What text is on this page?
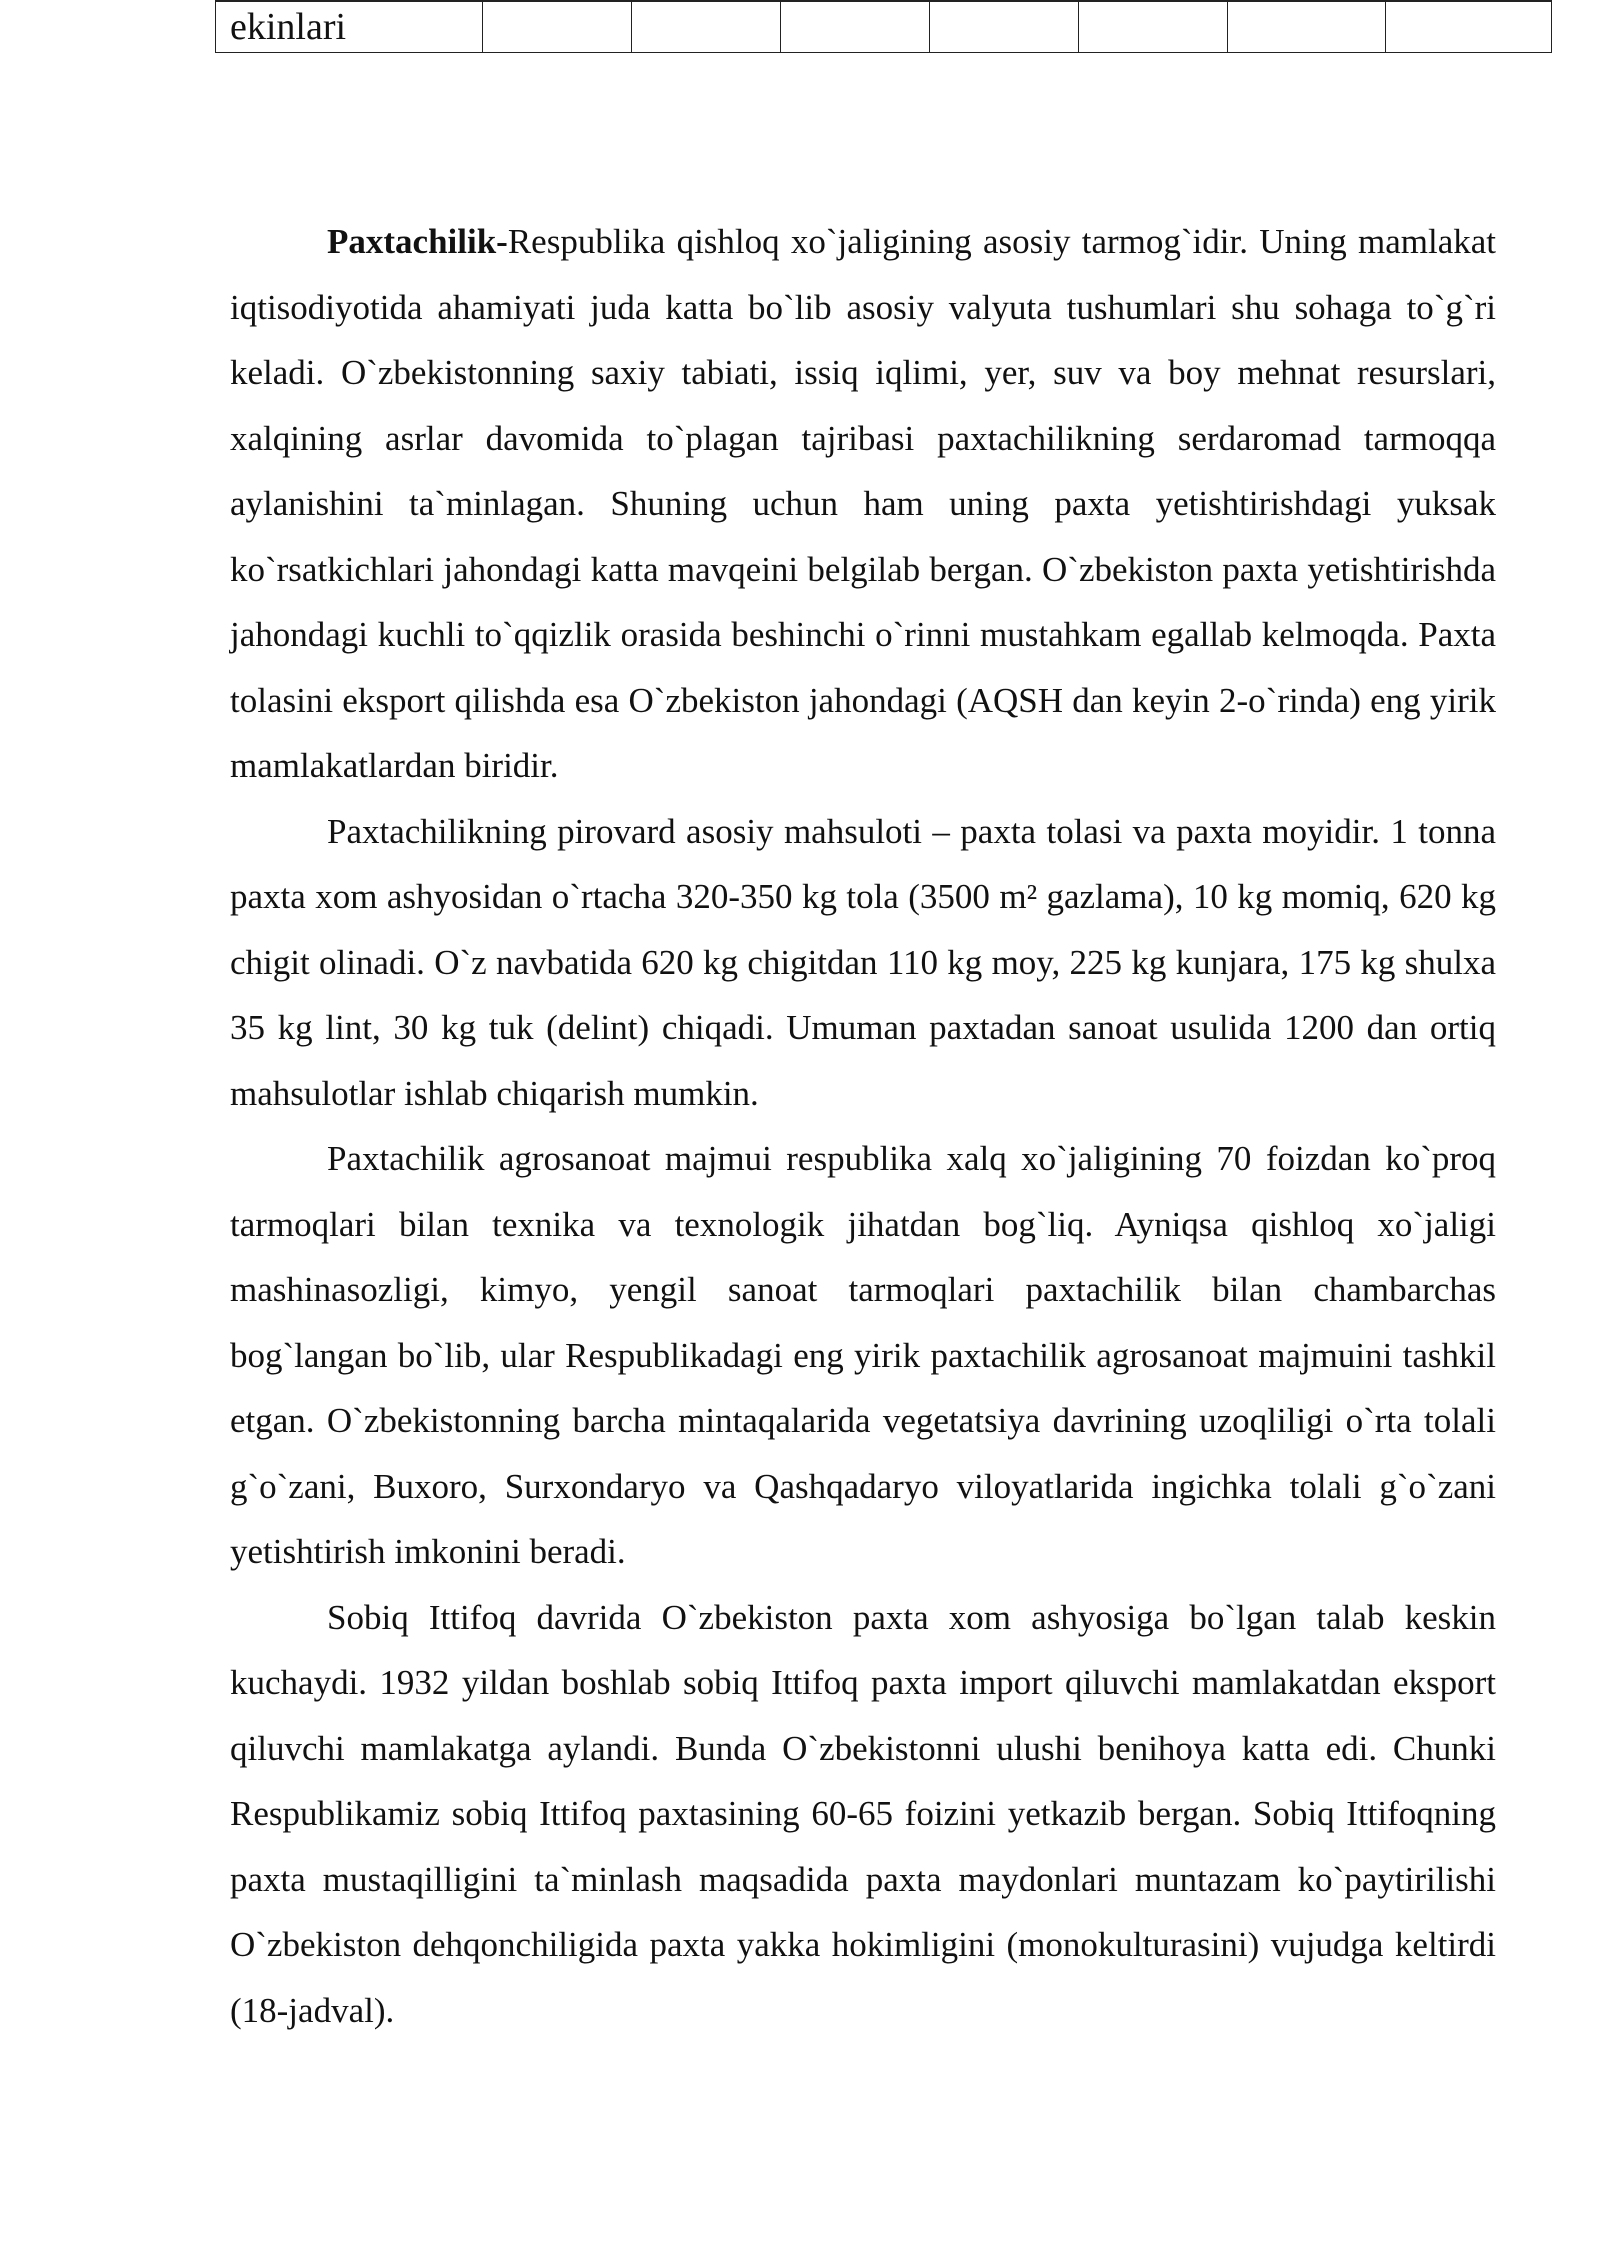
ekinlari							

Paxtachilik-Respublika qishloq xo`jaligining asosiy tarmog`idir. Uning mamlakat iqtisodiyotida ahamiyati juda katta bo`lib asosiy valyuta tushumlari shu sohaga to`g`ri keladi. O`zbekistonning saxiy tabiati, issiq iqlimi, yer, suv va boy mehnat resurslari, xalqining asrlar davomida to`plagan tajribasi paxtachilikning serdaromad tarmoqqa aylanishini ta`minlagan. Shuning uchun ham uning paxta yetishtirishdagi yuksak ko`rsatkichlari jahondagi katta mavqeini belgilab bergan. O`zbekiston paxta yetishtirishda jahondagi kuchli to`qqizlik orasida beshinchi o`rinni mustahkam egallab kelmoqda. Paxta tolasini eksport qilishda esa O`zbekiston jahondagi (AQSH dan keyin 2-o`rinda) eng yirik mamlakatlardan biridir.

Paxtachilikning pirovard asosiy mahsuloti – paxta tolasi va paxta moyidir. 1 tonna paxta xom ashyosidan o`rtacha 320-350 kg tola (3500 m² gazlama), 10 kg momiq, 620 kg chigit olinadi. O`z navbatida 620 kg chigitdan 110 kg moy, 225 kg kunjara, 175 kg shulxa 35 kg lint, 30 kg tuk (delint) chiqadi. Umuman paxtadan sanoat usulida 1200 dan ortiq mahsulotlar ishlab chiqarish mumkin.

Paxtachilik agrosanoat majmui respublika xalq xo`jaligining 70 foizdan ko`proq tarmoqlari bilan texnika va texnologik jihatdan bog`liq. Ayniqsa qishloq xo`jaligi mashinasozligi, kimyo, yengil sanoat tarmoqlari paxtachilik bilan chambarchas bog`langan bo`lib, ular Respublikadagi eng yirik paxtachilik agrosanoat majmuini tashkil etgan. O`zbekistonning barcha mintaqalarida vegetatsiya davrining uzoqliligi o`rta tolali g`o`zani, Buxoro, Surxondaryo va Qashqadaryo viloyatlarida ingichka tolali g`o`zani yetishtirish imkonini beradi.

Sobiq Ittifoq davrida O`zbekiston paxta xom ashyosiga bo`lgan talab keskin kuchaydi. 1932 yildan boshlab sobiq Ittifoq paxta import qiluvchi mamlakatdan eksport qiluvchi mamlakatga aylandi. Bunda O`zbekistonni ulushi benihoya katta edi. Chunki Respublikamiz sobiq Ittifoq paxtasining 60-65 foizini yetkazib bergan. Sobiq Ittifoqning paxta mustaqilligini ta`minlash maqsadida paxta maydonlari muntazam ko`paytirilishi O`zbekiston dehqonchiligida paxta yakka hokimligini (monokulturasini) vujudga keltirdi (18-jadval).
